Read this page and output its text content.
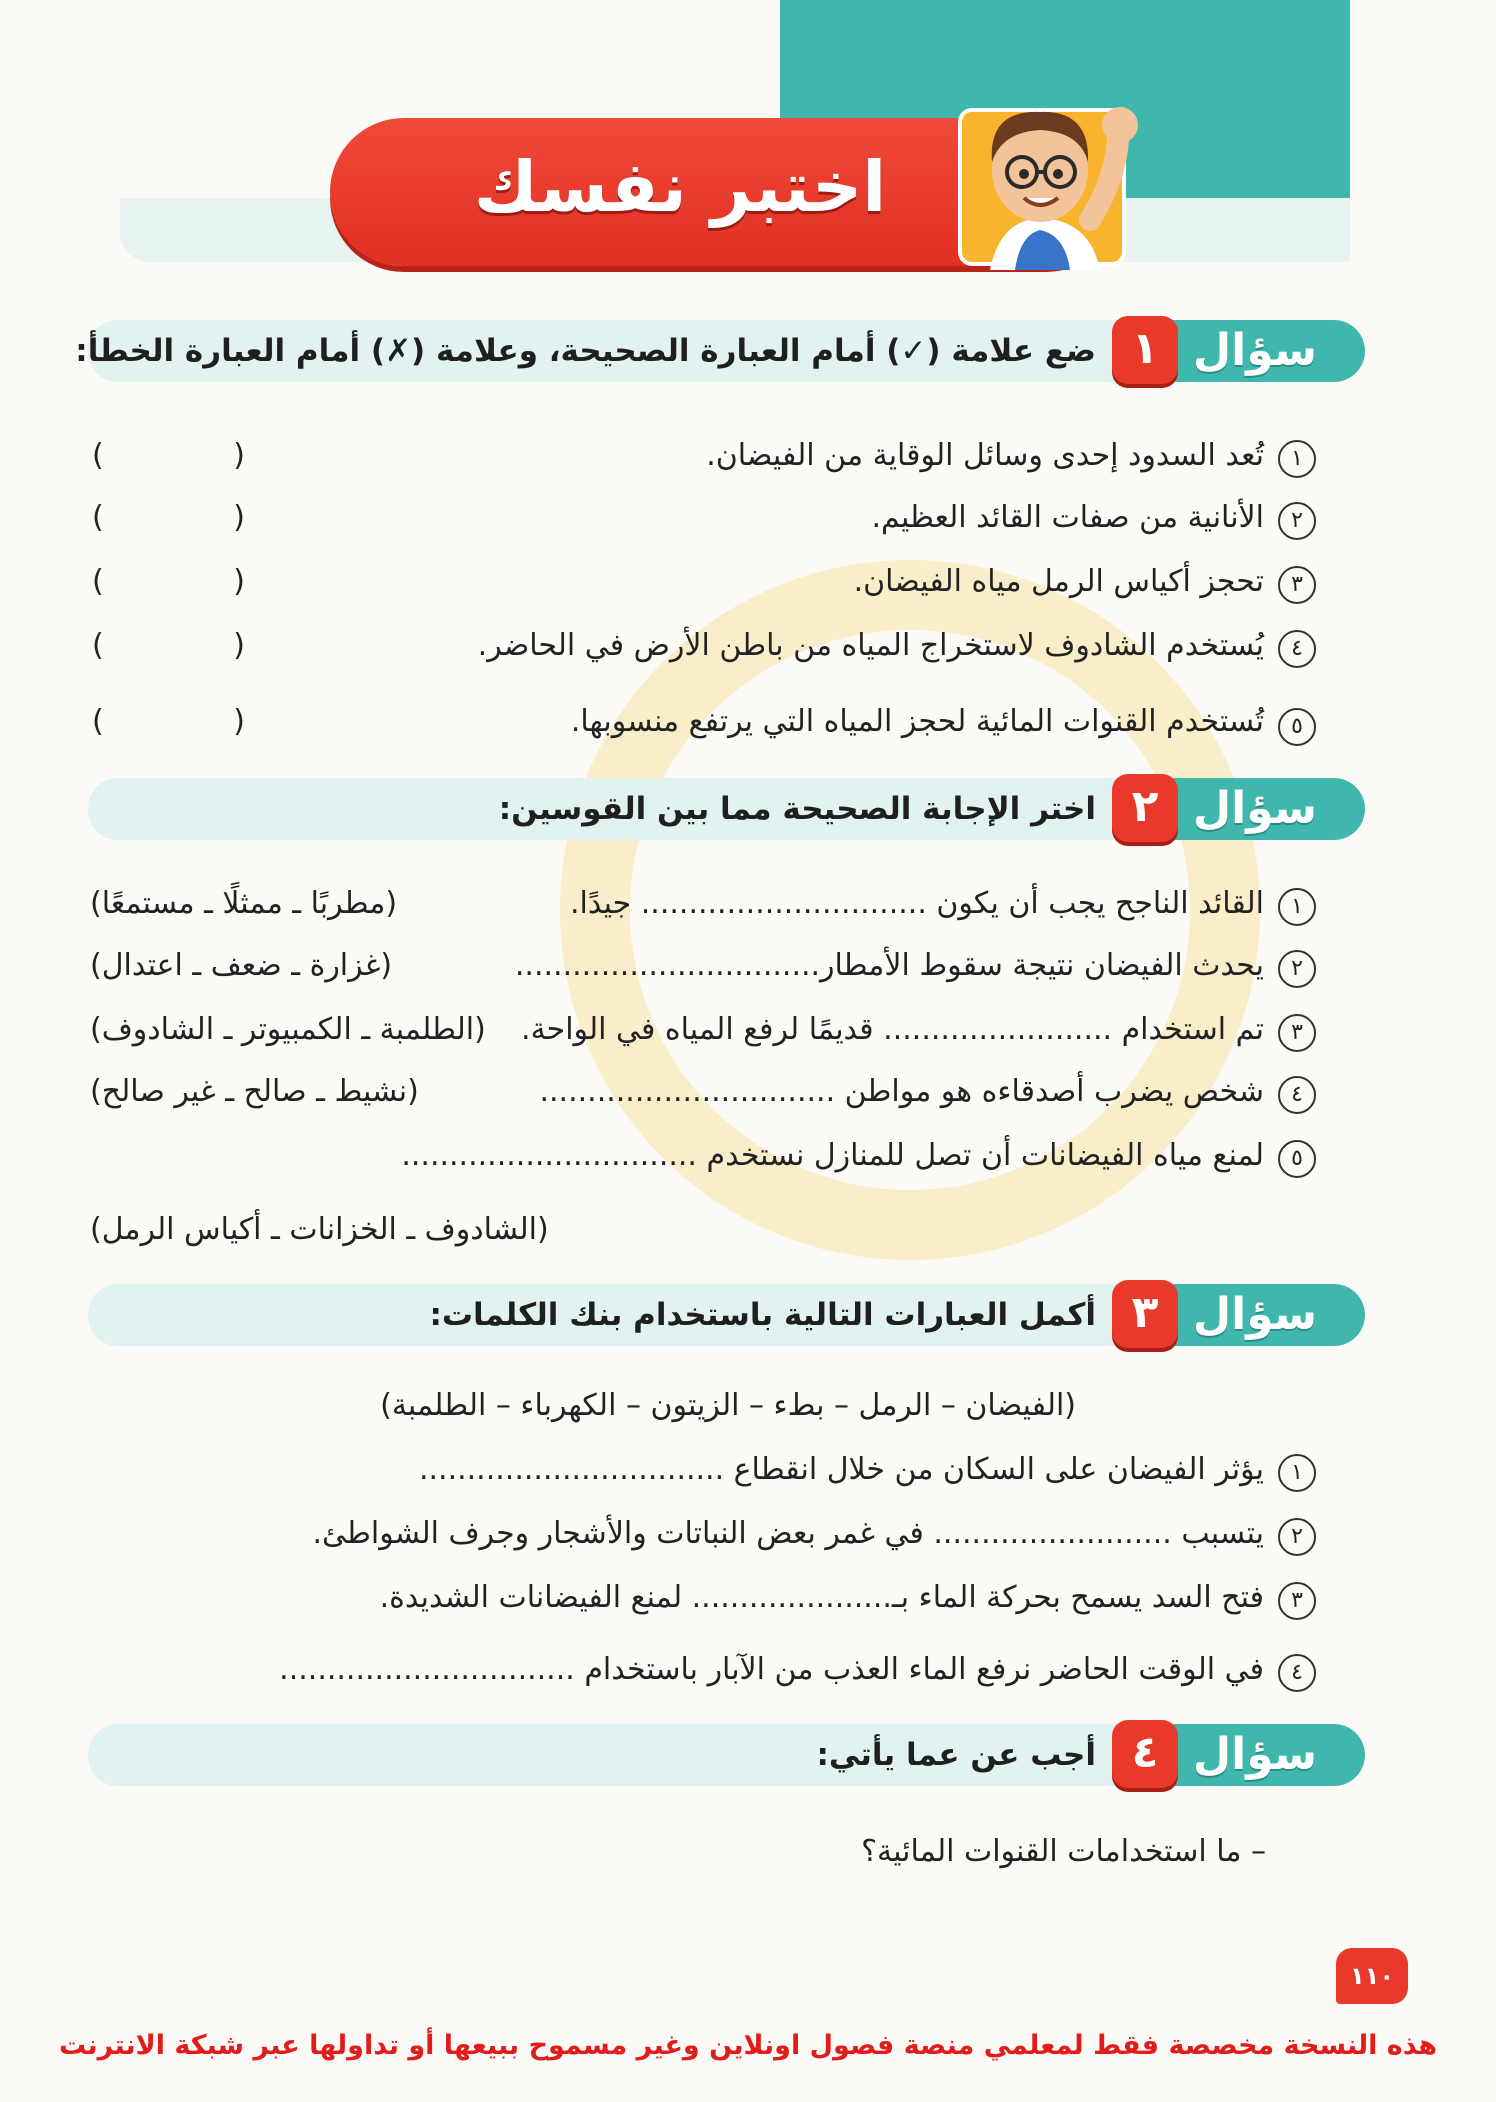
اختبر نفسك
سؤال
١
ضع علامة (✓) أمام العبارة الصحيحة، وعلامة (✗) أمام العبارة الخطأ:
١
تُعد السدود إحدى وسائل الوقاية من الفيضان.
( )
٢
الأنانية من صفات القائد العظيم.
( )
٣
تحجز أكياس الرمل مياه الفيضان.
( )
٤
يُستخدم الشادوف لاستخراج المياه من باطن الأرض في الحاضر.
( )
٥
تُستخدم القنوات المائية لحجز المياه التي يرتفع منسوبها.
( )
سؤال
٢
اختر الإجابة الصحيحة مما بين القوسين:
١
القائد الناجح يجب أن يكون .............................. جيدًا.
(مطربًا ـ ممثلًا ـ مستمعًا)
٢
يحدث الفيضان نتيجة سقوط الأمطار................................
(غزارة ـ ضعف ـ اعتدال)
٣
تم استخدام ........................ قديمًا لرفع المياه في الواحة.
(الطلمبة ـ الكمبيوتر ـ الشادوف)
٤
شخص يضرب أصدقاءه هو مواطن ...............................
(نشيط ـ صالح ـ غير صالح)
٥
لمنع مياه الفيضانات أن تصل للمنازل نستخدم ...............................
(الشادوف ـ الخزانات ـ أكياس الرمل)
سؤال
٣
أكمل العبارات التالية باستخدام بنك الكلمات:
(الفيضان – الرمل – بطء – الزيتون – الكهرباء – الطلمبة)
١
يؤثر الفيضان على السكان من خلال انقطاع ................................
٢
يتسبب ......................... في غمر بعض النباتات والأشجار وجرف الشواطئ.
٣
فتح السد يسمح بحركة الماء بـ..................... لمنع الفيضانات الشديدة.
٤
في الوقت الحاضر نرفع الماء العذب من الآبار باستخدام ...............................
سؤال
٤
أجب عن عما يأتي:
– ما استخدامات القنوات المائية؟
١١٠
هذه النسخة مخصصة فقط لمعلمي منصة فصول اونلاين وغير مسموح ببيعها أو تداولها عبر شبكة الانترنت
